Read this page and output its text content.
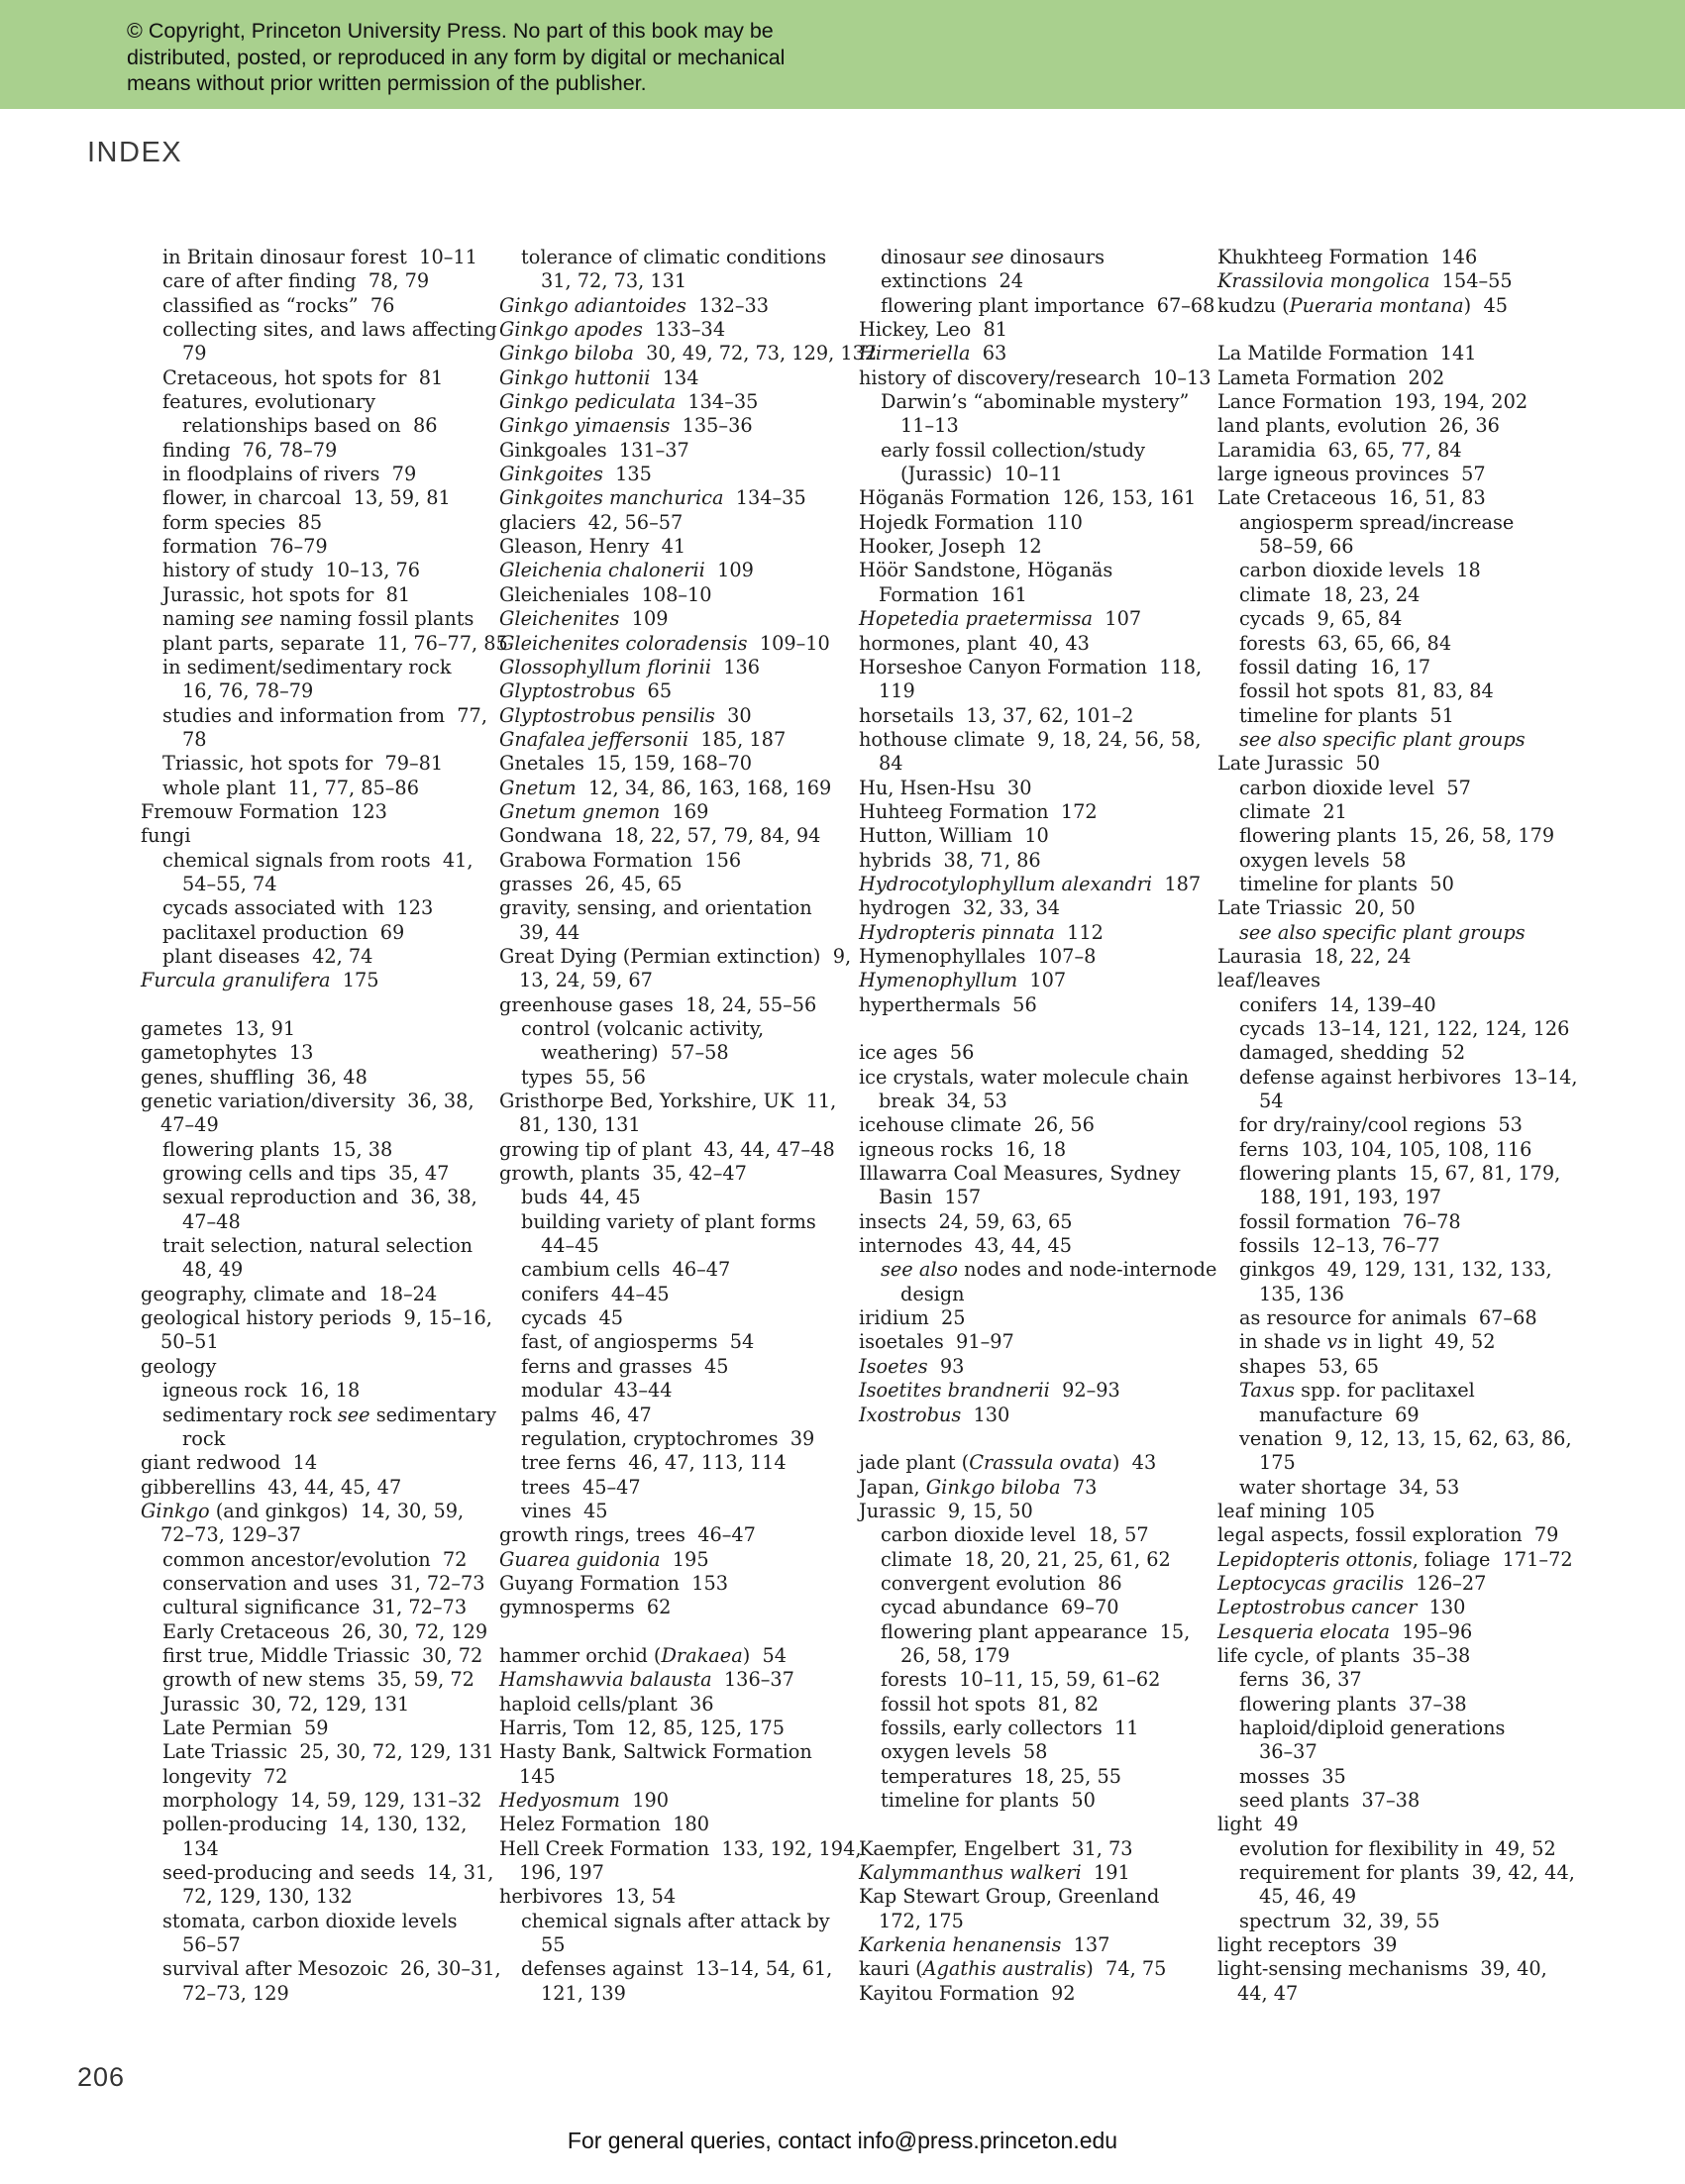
© Copyright, Princeton University Press. No part of this book may be
distributed, posted, or reproduced in any form by digital or mechanical
means without prior written permission of the publisher.
INDEX
in Britain dinosaur forest  10–11
care of after finding  78, 79
classified as “rocks”  76
collecting sites, and laws affecting
79
Cretaceous, hot spots for  81
features, evolutionary
relationships based on  86
finding  76, 78–79
in floodplains of rivers  79
flower, in charcoal  13, 59, 81
form species  85
formation  76–79
history of study  10–13, 76
Jurassic, hot spots for  81
naming see naming fossil plants
plant parts, separate  11, 76–77, 85
in sediment/sedimentary rock
16, 76, 78–79
studies and information from  77,
78
Triassic, hot spots for  79–81
whole plant  11, 77, 85–86
Fremouw Formation  123
fungi
chemical signals from roots  41,
54–55, 74
cycads associated with  123
paclitaxel production  69
plant diseases  42, 74
Furcula granulifera  175
gametes  13, 91
gametophytes  13
genes, shuffling  36, 48
genetic variation/diversity  36, 38,
47–49
flowering plants  15, 38
growing cells and tips  35, 47
sexual reproduction and  36, 38,
47–48
trait selection, natural selection
48, 49
geography, climate and  18–24
geological history periods  9, 15–16,
50–51
geology
igneous rock  16, 18
sedimentary rock see sedimentary
rock
giant redwood  14
gibberellins  43, 44, 45, 47
Ginkgo (and ginkgos)  14, 30, 59,
72–73, 129–37
common ancestor/evolution  72
conservation and uses  31, 72–73
cultural significance  31, 72–73
Early Cretaceous  26, 30, 72, 129
first true, Middle Triassic  30, 72
growth of new stems  35, 59, 72
Jurassic  30, 72, 129, 131
Late Permian  59
Late Triassic  25, 30, 72, 129, 131
longevity  72
morphology  14, 59, 129, 131–32
pollen-producing  14, 130, 132,
134
seed-producing and seeds  14, 31,
72, 129, 130, 132
stomata, carbon dioxide levels
56–57
survival after Mesozoic  26, 30–31,
72–73, 129
tolerance of climatic conditions
31, 72, 73, 131
Ginkgo adiantoides  132–33
Ginkgo apodes  133–34
Ginkgo biloba  30, 49, 72, 73, 129, 132
Ginkgo huttonii  134
Ginkgo pediculata  134–35
Ginkgo yimaensis  135–36
Ginkgoales  131–37
Ginkgoites  135
Ginkgoites manchurica  134–35
glaciers  42, 56–57
Gleason, Henry  41
Gleichenia chalonerii  109
Gleicheniales  108–10
Gleichenites  109
Gleichenites coloradensis  109–10
Glossophyllum florinii  136
Glyptostrobus  65
Glyptostrobus pensilis  30
Gnafalea jeffersonii  185, 187
Gnetales  15, 159, 168–70
Gnetum  12, 34, 86, 163, 168, 169
Gnetum gnemon  169
Gondwana  18, 22, 57, 79, 84, 94
Grabowa Formation  156
grasses  26, 45, 65
gravity, sensing, and orientation
39, 44
Great Dying (Permian extinction)  9,
13, 24, 59, 67
greenhouse gases  18, 24, 55–56
control (volcanic activity,
weathering)  57–58
types  55, 56
Gristhorpe Bed, Yorkshire, UK  11,
81, 130, 131
growing tip of plant  43, 44, 47–48
growth, plants  35, 42–47
buds  44, 45
building variety of plant forms
44–45
cambium cells  46–47
conifers  44–45
cycads  45
fast, of angiosperms  54
ferns and grasses  45
modular  43–44
palms  46, 47
regulation, cryptochromes  39
tree ferns  46, 47, 113, 114
trees  45–47
vines  45
growth rings, trees  46–47
Guarea guidonia  195
Guyang Formation  153
gymnosperms  62
hammer orchid (Drakaea)  54
Hamshawvia balausta  136–37
haploid cells/plant  36
Harris, Tom  12, 85, 125, 175
Hasty Bank, Saltwick Formation
145
Hedyosmum  190
Helez Formation  180
Hell Creek Formation  133, 192, 194,
196, 197
herbivores  13, 54
chemical signals after attack by
55
defenses against  13–14, 54, 61,
121, 139
dinosaur see dinosaurs
extinctions  24
flowering plant importance  67–68
Hickey, Leo  81
Hirmeriella  63
history of discovery/research  10–13
Darwin’s “abominable mystery”
11–13
early fossil collection/study
(Jurassic)  10–11
Höganäs Formation  126, 153, 161
Hojedk Formation  110
Hooker, Joseph  12
Höör Sandstone, Höganäs
Formation  161
Hopetedia praetermissa  107
hormones, plant  40, 43
Horseshoe Canyon Formation  118,
119
horsetails  13, 37, 62, 101–2
hothouse climate  9, 18, 24, 56, 58,
84
Hu, Hsen-Hsu  30
Huhteeg Formation  172
Hutton, William  10
hybrids  38, 71, 86
Hydrocotylophyllum alexandri  187
hydrogen  32, 33, 34
Hydropteris pinnata  112
Hymenophyllales  107–8
Hymenophyllum  107
hyperthermals  56
ice ages  56
ice crystals, water molecule chain
break  34, 53
icehouse climate  26, 56
igneous rocks  16, 18
Illawarra Coal Measures, Sydney
Basin  157
insects  24, 59, 63, 65
internodes  43, 44, 45
see also nodes and node-internode
design
iridium  25
isoetales  91–97
Isoetes  93
Isoetites brandnerii  92–93
Ixostrobus  130
jade plant (Crassula ovata)  43
Japan, Ginkgo biloba  73
Jurassic  9, 15, 50
carbon dioxide level  18, 57
climate  18, 20, 21, 25, 61, 62
convergent evolution  86
cycad abundance  69–70
flowering plant appearance  15,
26, 58, 179
forests  10–11, 15, 59, 61–62
fossil hot spots  81, 82
fossils, early collectors  11
oxygen levels  58
temperatures  18, 25, 55
timeline for plants  50
Kaempfer, Engelbert  31, 73
Kalymmanthus walkeri  191
Kap Stewart Group, Greenland
172, 175
Karkenia henanensis  137
kauri (Agathis australis)  74, 75
Kayitou Formation  92
Khukhteeg Formation  146
Krassilovia mongolica  154–55
kudzu (Pueraria montana)  45
La Matilde Formation  141
Lameta Formation  202
Lance Formation  193, 194, 202
land plants, evolution  26, 36
Laramidia  63, 65, 77, 84
large igneous provinces  57
Late Cretaceous  16, 51, 83
angiosperm spread/increase
58–59, 66
carbon dioxide levels  18
climate  18, 23, 24
cycads  9, 65, 84
forests  63, 65, 66, 84
fossil dating  16, 17
fossil hot spots  81, 83, 84
timeline for plants  51
see also specific plant groups
Late Jurassic  50
carbon dioxide level  57
climate  21
flowering plants  15, 26, 58, 179
oxygen levels  58
timeline for plants  50
Late Triassic  20, 50
see also specific plant groups
Laurasia  18, 22, 24
leaf/leaves
conifers  14, 139–40
cycads  13–14, 121, 122, 124, 126
damaged, shedding  52
defense against herbivores  13–14,
54
for dry/rainy/cool regions  53
ferns  103, 104, 105, 108, 116
flowering plants  15, 67, 81, 179,
188, 191, 193, 197
fossil formation  76–78
fossils  12–13, 76–77
ginkgos  49, 129, 131, 132, 133,
135, 136
as resource for animals  67–68
in shade vs in light  49, 52
shapes  53, 65
Taxus spp. for paclitaxel
manufacture  69
venation  9, 12, 13, 15, 62, 63, 86,
175
water shortage  34, 53
leaf mining  105
legal aspects, fossil exploration  79
Lepidopteris ottonis, foliage  171–72
Leptocycas gracilis  126–27
Leptostrobus cancer  130
Lesqueria elocata  195–96
life cycle, of plants  35–38
ferns  36, 37
flowering plants  37–38
haploid/diploid generations
36–37
mosses  35
seed plants  37–38
light  49
evolution for flexibility in  49, 52
requirement for plants  39, 42, 44,
45, 46, 49
spectrum  32, 39, 55
light receptors  39
light-sensing mechanisms  39, 40,
44, 47
206
For general queries, contact info@press.princeton.edu
